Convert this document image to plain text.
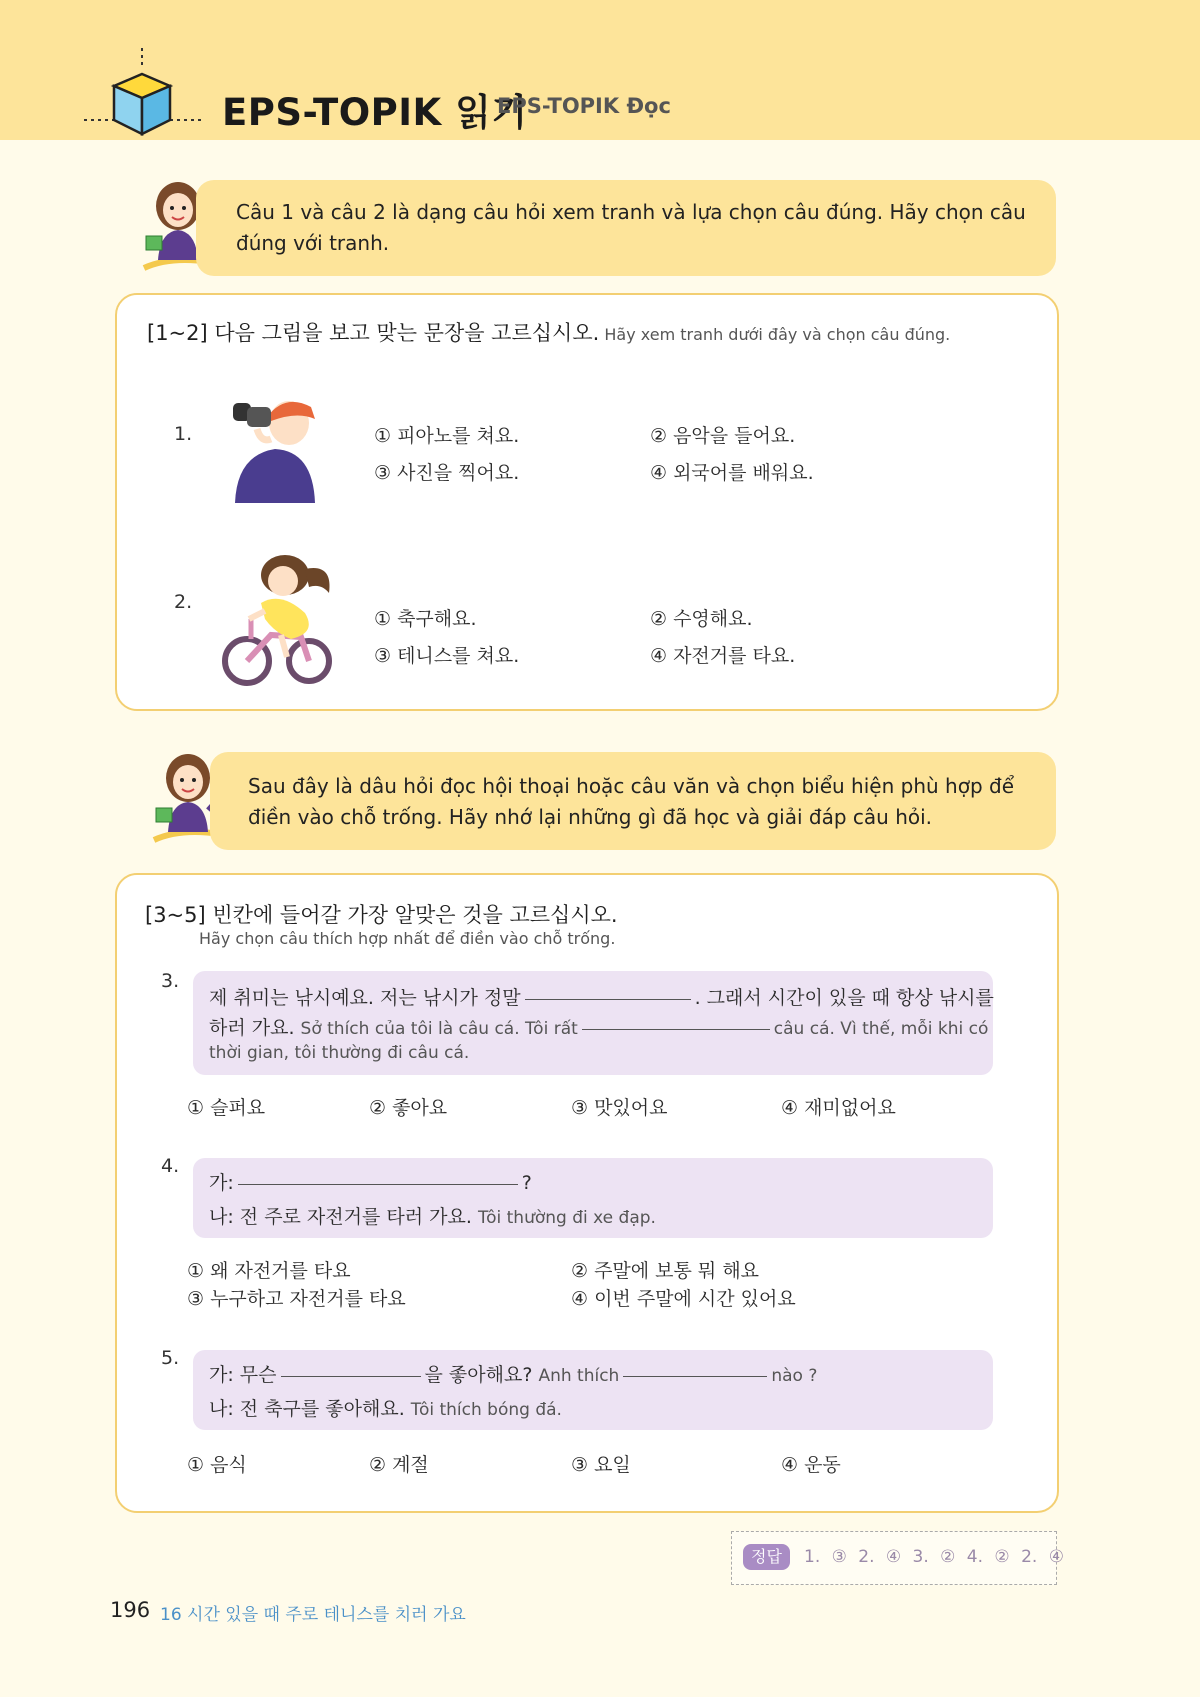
EPS-TOPIK 읽기
EPS-TOPIK Đọc
Câu 1 và câu 2 là dạng câu hỏi xem tranh và lựa chọn câu đúng. Hãy chọn câu đúng với tranh.
[1~2] 다음 그림을 보고 맞는 문장을 고르십시오. Hãy xem tranh dưới đây và chọn câu đúng.
1.	① 피아노를 쳐요.	② 음악을 들어요.
③ 사진을 찍어요.	④ 외국어를 배워요.
2.
① 축구해요.	② 수영해요.
③ 테니스를 쳐요.	④ 자전거를 타요.
Sau đây là dâu hỏi đọc hội thoại hoặc câu văn và chọn biểu hiện phù hợp để điền vào chỗ trống. Hãy nhớ lại những gì đã học và giải đáp câu hỏi.
[3~5] 빈칸에 들어갈 가장 알맞은 것을 고르십시오.
Hãy chọn câu thích hợp nhất để điền vào chỗ trống.
3.
제 취미는 낚시예요. 저는 낚시가 정말	. 그래서 시간이 있을 때 항상 낚시를
하러 가요. Sở thích của tôi là câu cá. Tôi rất	câu cá. Vì thế, mỗi khi có
thời gian, tôi thường đi câu cá.
① 슬퍼요	② 좋아요	③ 맛있어요	④ 재미없어요
4.
가:	?
나: 전 주로 자전거를 타러 가요. Tôi thường đi xe đạp.
① 왜 자전거를 타요	② 주말에 보통 뭐 해요
③ 누구하고 자전거를 타요	④ 이번 주말에 시간 있어요
5.
가: 무슨	을 좋아해요? Anh thích	nào ?
나: 전 축구를 좋아해요. Tôi thích bóng đá.
① 음식	② 계절	③ 요일	④ 운동
정답	1. ③ 2. ④ 3. ② 4. ② 2. ④
196 16 시간 있을 때 주로 테니스를 치러 가요
